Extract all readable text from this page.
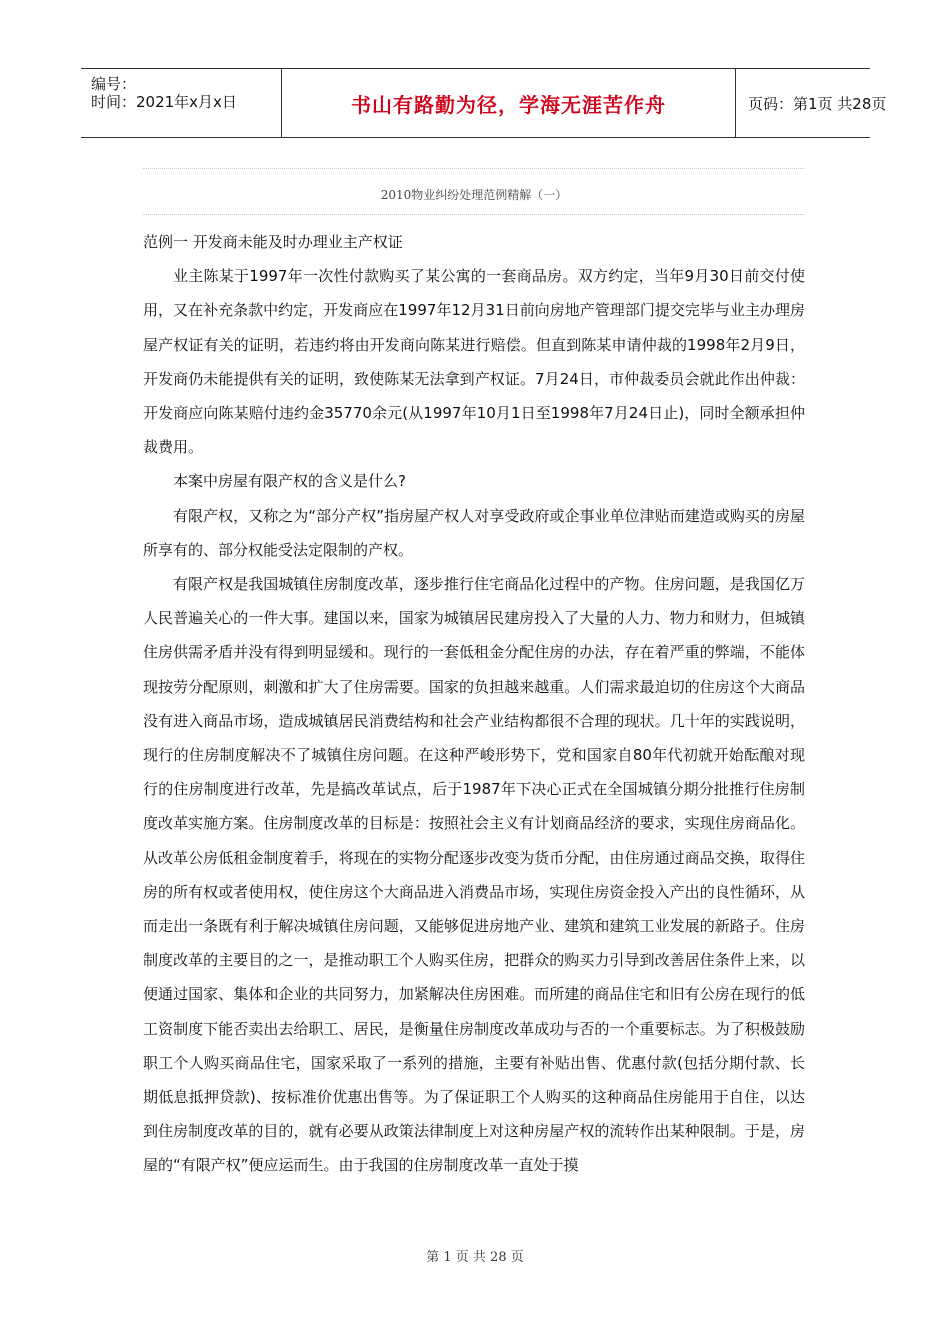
编号：
时间：2021年x月x日	书山有路勤为径，学海无涯苦作舟	页码：第1页 共28页
2010物业纠纷处理范例精解（一）

范例一 开发商未能及时办理业主产权证

业主陈某于1997年一次性付款购买了某公寓的一套商品房。双方约定，当年9月30日前交付使用，又在补充条款中约定，开发商应在1997年12月31日前向房地产管理部门提交完毕与业主办理房屋产权证有关的证明，若违约将由开发商向陈某进行赔偿。但直到陈某申请仲裁的1998年2月9日，开发商仍未能提供有关的证明，致使陈某无法拿到产权证。7月24日，市仲裁委员会就此作出仲裁：开发商应向陈某赔付违约金35770余元(从1997年10月1日至1998年7月24日止)，同时全额承担仲裁费用。

本案中房屋有限产权的含义是什么?

有限产权，又称之为“部分产权”指房屋产权人对享受政府或企事业单位津贴而建造或购买的房屋所享有的、部分权能受法定限制的产权。

有限产权是我国城镇住房制度改革，逐步推行住宅商品化过程中的产物。住房问题，是我国亿万人民普遍关心的一件大事。建国以来，国家为城镇居民建房投入了大量的人力、物力和财力，但城镇住房供需矛盾并没有得到明显缓和。现行的一套低租金分配住房的办法，存在着严重的弊端，不能体现按劳分配原则，刺激和扩大了住房需要。国家的负担越来越重。人们需求最迫切的住房这个大商品没有进入商品市场，造成城镇居民消费结构和社会产业结构都很不合理的现状。几十年的实践说明，现行的住房制度解决不了城镇住房问题。在这种严峻形势下，党和国家自80年代初就开始酝酿对现行的住房制度进行改革，先是搞改革试点，后于1987年下决心正式在全国城镇分期分批推行住房制度改革实施方案。住房制度改革的目标是：按照社会主义有计划商品经济的要求，实现住房商品化。从改革公房低租金制度着手，将现在的实物分配逐步改变为货币分配，由住房通过商品交换，取得住房的所有权或者使用权，使住房这个大商品进入消费品市场，实现住房资金投入产出的良性循环，从而走出一条既有利于解决城镇住房问题，又能够促进房地产业、建筑和建筑工业发展的新路子。住房制度改革的主要目的之一，是推动职工个人购买住房，把群众的购买力引导到改善居住条件上来，以便通过国家、集体和企业的共同努力，加紧解决住房困难。而所建的商品住宅和旧有公房在现行的低工资制度下能否卖出去给职工、居民，是衡量住房制度改革成功与否的一个重要标志。为了积极鼓励职工个人购买商品住宅，国家采取了一系列的措施，主要有补贴出售、优惠付款(包括分期付款、长期低息抵押贷款)、按标准价优惠出售等。为了保证职工个人购买的这种商品住房能用于自住，以达到住房制度改革的目的，就有必要从政策法律制度上对这种房屋产权的流转作出某种限制。于是，房屋的“有限产权”便应运而生。由于我国的住房制度改革一直处于摸

第 1 页 共 28 页
